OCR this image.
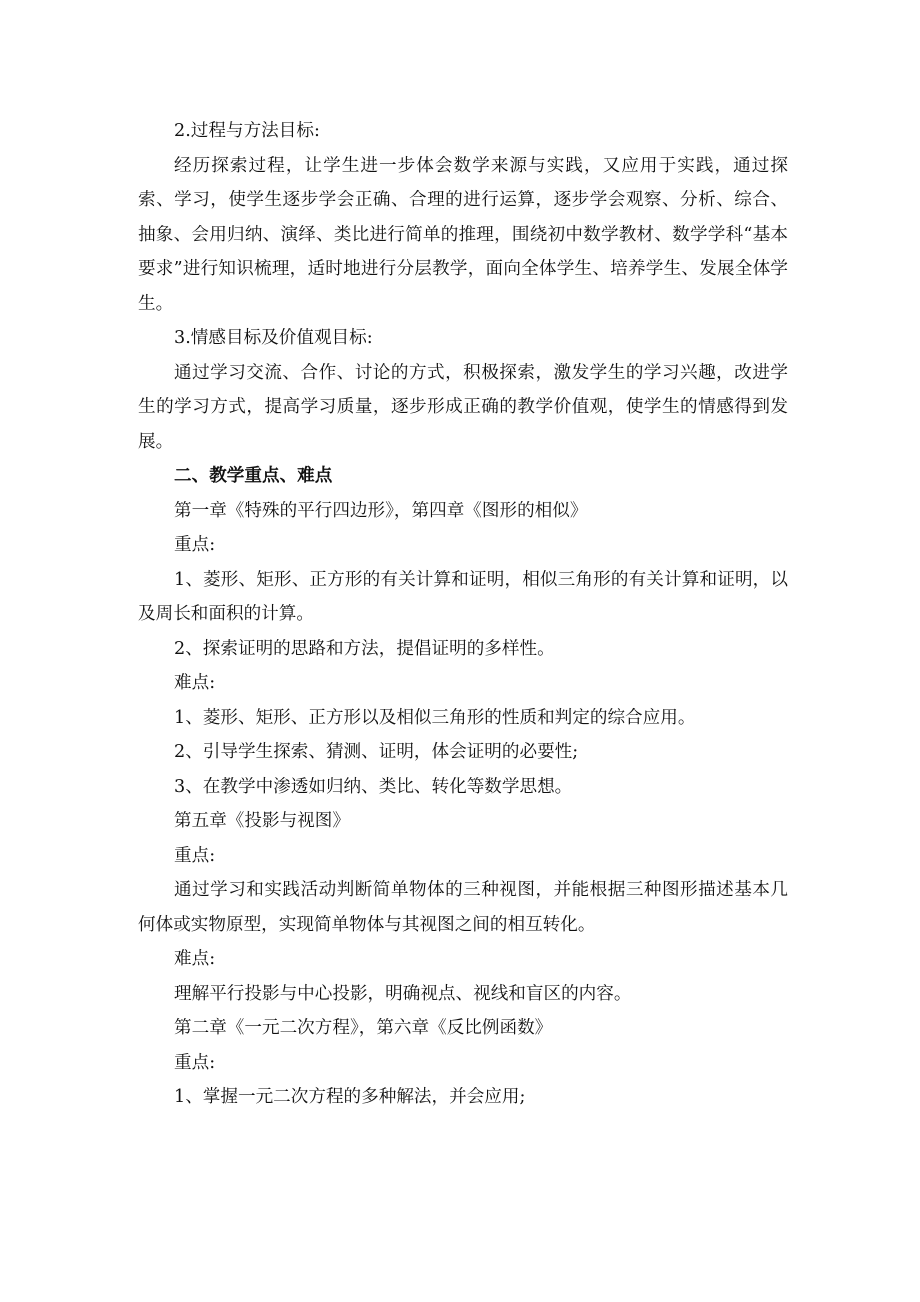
2.过程与方法目标:

经历探索过程，让学生进一步体会数学来源与实践，又应用于实践，通过探索、学习，使学生逐步学会正确、合理的进行运算，逐步学会观察、分析、综合、抽象、会用归纳、演绎、类比进行简单的推理，围绕初中数学教材、数学学科“基本要求”进行知识梳理，适时地进行分层教学，面向全体学生、培养学生、发展全体学生。

3.情感目标及价值观目标:

通过学习交流、合作、讨论的方式，积极探索，激发学生的学习兴趣，改进学生的学习方式，提高学习质量，逐步形成正确的教学价值观，使学生的情感得到发展。

二、教学重点、难点

第一章《特殊的平行四边形》，第四章《图形的相似》

重点:

1、菱形、矩形、正方形的有关计算和证明，相似三角形的有关计算和证明，以及周长和面积的计算。

2、探索证明的思路和方法，提倡证明的多样性。

难点:

1、菱形、矩形、正方形以及相似三角形的性质和判定的综合应用。

2、引导学生探索、猜测、证明，体会证明的必要性;

3、在教学中渗透如归纳、类比、转化等数学思想。

第五章《投影与视图》

重点:

通过学习和实践活动判断简单物体的三种视图，并能根据三种图形描述基本几何体或实物原型，实现简单物体与其视图之间的相互转化。

难点:

理解平行投影与中心投影，明确视点、视线和盲区的内容。

第二章《一元二次方程》，第六章《反比例函数》

重点:

1、掌握一元二次方程的多种解法，并会应用;
